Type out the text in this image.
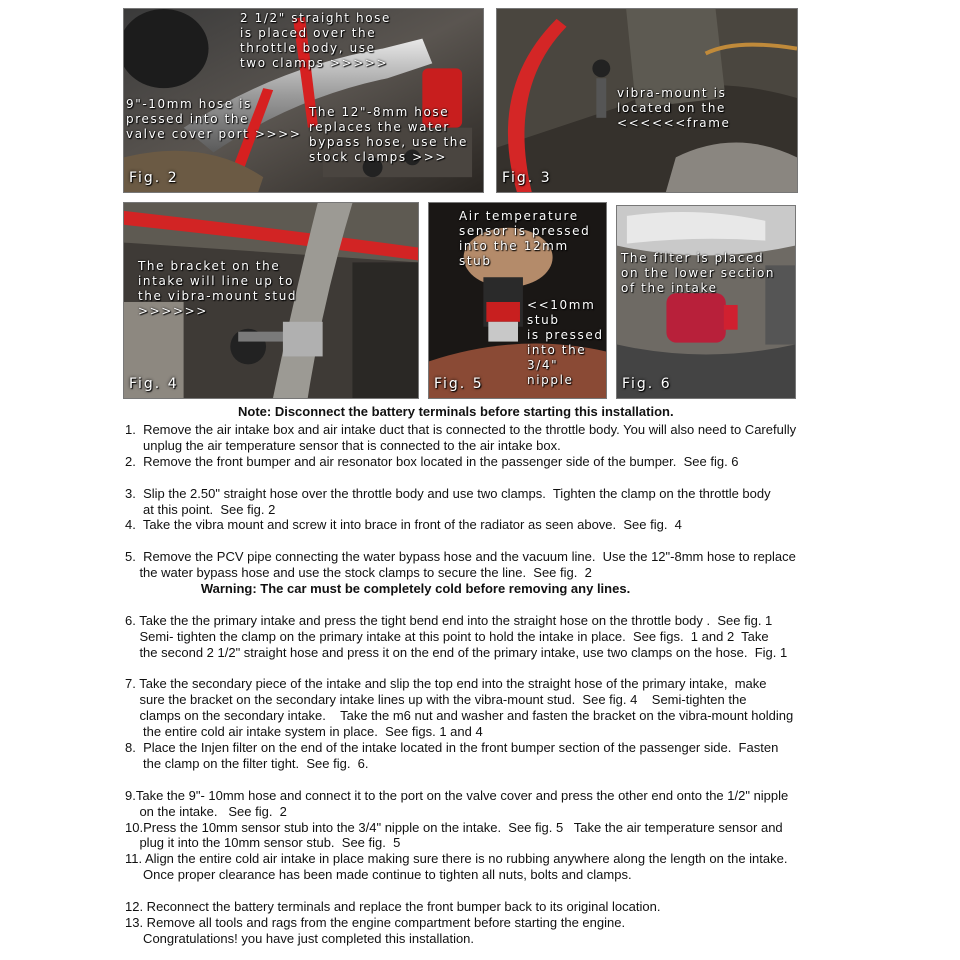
2 1/2" straight hose
is placed over the
throttle body, use
two clamps >>>>>
9"-10mm hose is
pressed into the
valve cover port >>>>
The 12"-8mm hose
replaces the water
bypass hose, use the
stock clamps >>>
Fig. 2
vibra-mount is
located on the
<<<<<<frame
Fig. 3
The bracket on the
intake will line up to
the vibra-mount stud
>>>>>>
Fig. 4
Air temperature
sensor is pressed
into the 12mm stub
<<10mm stub
is pressed
into the 3/4"
nipple
Fig. 5
The filter is placed
on the lower section
of the intake
Fig. 6
Note: Disconnect the battery terminals before starting this installation.
1.  Remove the air intake box and air intake duct that is connected to the throttle body. You will also need to Carefully
unplug the air temperature sensor that is connected to the air intake box.
2.  Remove the front bumper and air resonator box located in the passenger side of the bumper.  See fig. 6
3.  Slip the 2.50" straight hose over the throttle body and use two clamps.  Tighten the clamp on the throttle body
at this point.  See fig. 2
4.  Take the vibra mount and screw it into brace in front of the radiator as seen above.  See fig.  4
5.  Remove the PCV pipe connecting the water bypass hose and the vacuum line.  Use the 12"-8mm hose to replace
the water bypass hose and use the stock clamps to secure the line.  See fig.  2
Warning: The car must be completely cold before removing any lines.
6. Take the the primary intake and press the tight bend end into the straight hose on the throttle body .  See fig. 1
Semi- tighten the clamp on the primary intake at this point to hold the intake in place.  See figs.  1 and 2  Take
the second 2 1/2" straight hose and press it on the end of the primary intake, use two clamps on the hose.  Fig. 1
7. Take the secondary piece of the intake and slip the top end into the straight hose of the primary intake,  make
sure the bracket on the secondary intake lines up with the vibra-mount stud.  See fig. 4    Semi-tighten the
clamps on the secondary intake.    Take the m6 nut and washer and fasten the bracket on the vibra-mount holding
the entire cold air intake system in place.  See figs. 1 and 4
8.  Place the Injen filter on the end of the intake located in the front bumper section of the passenger side.  Fasten
the clamp on the filter tight.  See fig.  6.
9.Take the 9"- 10mm hose and connect it to the port on the valve cover and press the other end onto the 1/2" nipple
on the intake.   See fig.  2
10.Press the 10mm sensor stub into the 3/4" nipple on the intake.  See fig. 5   Take the air temperature sensor and
plug it into the 10mm sensor stub.  See fig.  5
11. Align the entire cold air intake in place making sure there is no rubbing anywhere along the length on the intake.
Once proper clearance has been made continue to tighten all nuts, bolts and clamps.
12. Reconnect the battery terminals and replace the front bumper back to its original location.
13. Remove all tools and rags from the engine compartment before starting the engine.
Congratulations! you have just completed this installation.
